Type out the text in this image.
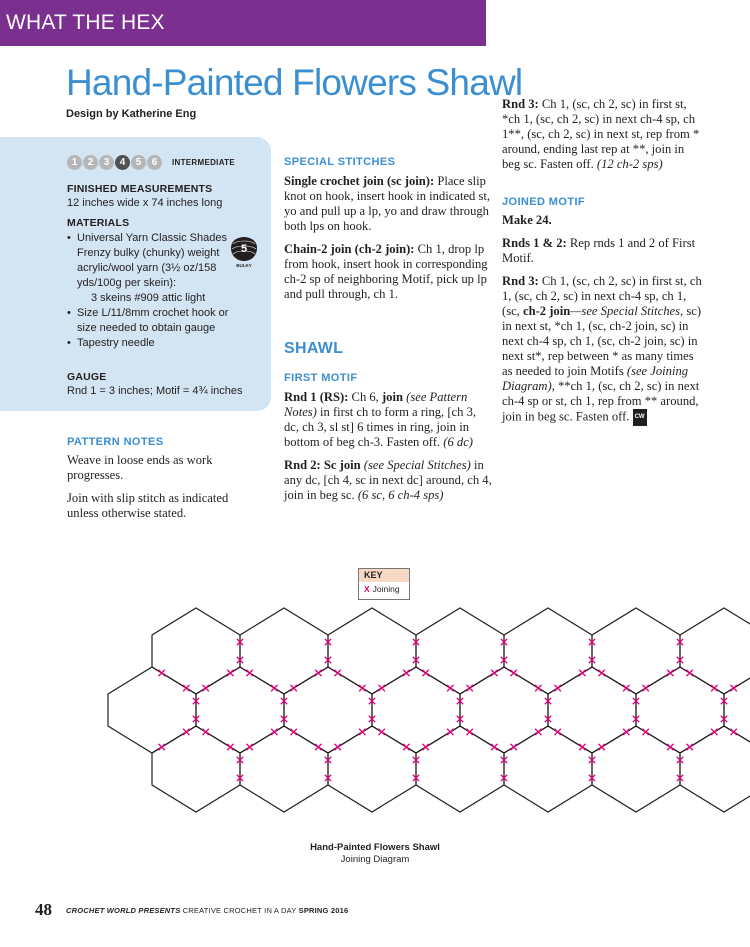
WHAT THE HEX
Hand-Painted Flowers Shawl
Design by Katherine Eng
1	2	3	4	5	6	INTERMEDIATE
FINISHED MEASUREMENTS
12 inches wide x 74 inches long
MATERIALS
• Universal Yarn Classic Shades Frenzy bulky (chunky) weight acrylic/wool yarn (3½ oz/158 yds/100g per skein):
3 skeins #909 attic light
• Size L/11/8mm crochet hook or size needed to obtain gauge
• Tapestry needle
5
BULKY
GAUGE
Rnd 1 = 3 inches; Motif = 4¾ inches
PATTERN NOTES

Weave in loose ends as work progresses.

Join with slip stitch as indicated unless otherwise stated.

SPECIAL STITCHES

Single crochet join (sc join): Place slip knot on hook, insert hook in indicated st, yo and pull up a lp, yo and draw through both lps on hook.

Chain-2 join (ch-2 join): Ch 1, drop lp from hook, insert hook in corresponding ch-2 sp of neighboring Motif, pick up lp and pull through, ch 1.

SHAWL
FIRST MOTIF

Rnd 1 (RS): Ch 6, join (see Pattern Notes) in first ch to form a ring, [ch 3, dc, ch 3, sl st] 6 times in ring, join in bottom of beg ch-3. Fasten off. (6 dc)

Rnd 2: Sc join (see Special Stitches) in any dc, [ch 4, sc in next dc] around, ch 4, join in beg sc. (6 sc, 6 ch-4 sps)

Rnd 3: Ch 1, (sc, ch 2, sc) in first st, *ch 1, (sc, ch 2, sc) in next ch-4 sp, ch 1**, (sc, ch 2, sc) in next st, rep from * around, ending last rep at **, join in beg sc. Fasten off. (12 ch-2 sps)

JOINED MOTIF

Make 24.

Rnds 1 & 2: Rep rnds 1 and 2 of First Motif.

Rnd 3: Ch 1, (sc, ch 2, sc) in first st, ch 1, (sc, ch 2, sc) in next ch-4 sp, ch 1, (sc, ch-2 join—see Special Stitches, sc) in next st, *ch 1, (sc, ch-2 join, sc) in next ch-4 sp, ch 1, (sc, ch-2 join, sc) in next st*, rep between * as many times as needed to join Motifs (see Joining Diagram), **ch 1, (sc, ch 2, sc) in next ch-4 sp or st, ch 1, rep from ** around, join in beg sc. Fasten off. CW

KEY
X Joining
Hand-Painted Flowers Shawl
Joining Diagram
48 CROCHET WORLD PRESENTS CREATIVE CROCHET IN A DAY SPRING 2016
